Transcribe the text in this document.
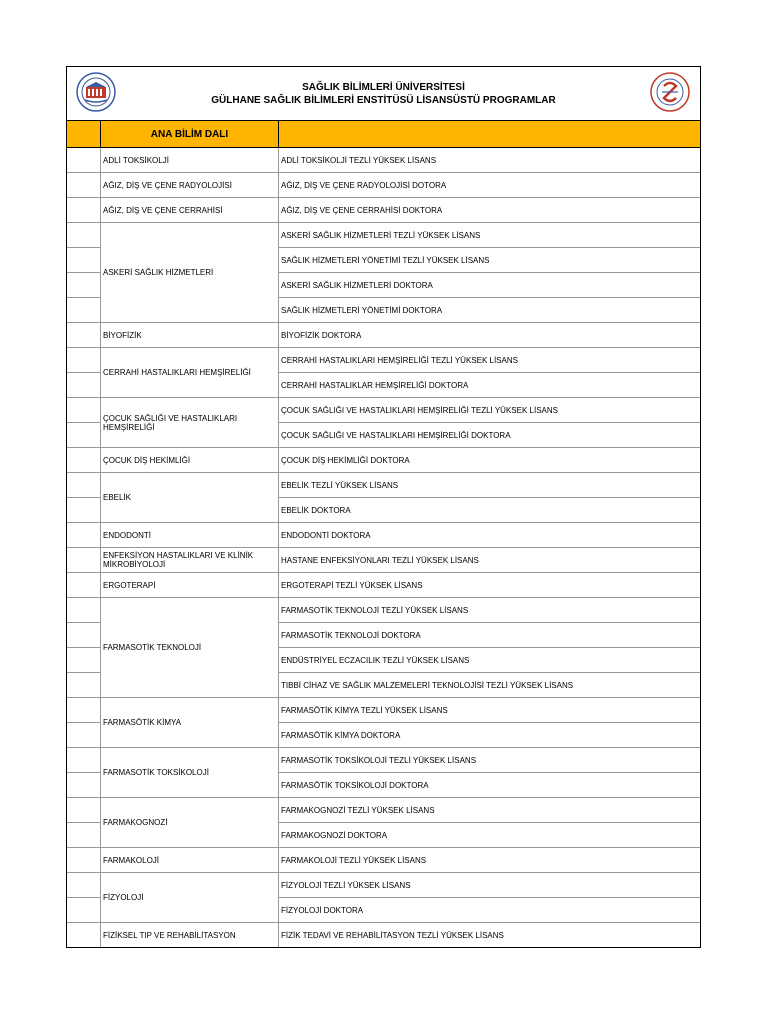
SAĞLIK BİLİMLERİ ÜNİVERSİTESİ
GÜLHANE SAĞLIK BİLİMLERİ ENSTİTÜSÜ LİSANSÜSTÜ PROGRAMLAR
	ANA BİLİM DALI	
	ADLİ TOKSİKOLJİ	ADLİ TOKSİKOLJİ TEZLİ YÜKSEK LİSANS
	AĞIZ, DİŞ VE ÇENE RADYOLOJİSİ	AĞIZ, DİŞ VE ÇENE RADYOLOJİSİ DOTORA
	AĞIZ, DİŞ VE ÇENE CERRAHİSİ	AĞIZ, DİŞ VE ÇENE CERRAHİSİ DOKTORA
	ASKERİ SAĞLIK HİZMETLERİ	ASKERİ SAĞLIK HİZMETLERİ TEZLİ YÜKSEK LİSANS
		SAĞLIK HİZMETLERİ YÖNETİMİ TEZLİ YÜKSEK LİSANS
		ASKERİ SAĞLIK HİZMETLERİ DOKTORA
		SAĞLIK HİZMETLERİ YÖNETİMİ DOKTORA
	BİYOFİZİK	BİYOFİZİK DOKTORA
	CERRAHİ HASTALIKLARI HEMŞİRELİĞİ	CERRAHİ HASTALIKLARI HEMŞİRELİĞİ TEZLİ YÜKSEK LİSANS
		CERRAHİ HASTALIKLAR HEMŞİRELİĞİ DOKTORA
	ÇOCUK SAĞLIĞI VE HASTALIKLARI HEMŞİRELİĞİ	ÇOCUK SAĞLIĞI VE HASTALIKLARI HEMŞİRELİĞİ TEZLİ YÜKSEK LİSANS
		ÇOCUK SAĞLIĞI VE HASTALIKLARI HEMŞİRELİĞİ DOKTORA
	ÇOCUK DİŞ HEKİMLİĞİ	ÇOCUK DİŞ HEKİMLİĞİ DOKTORA
	EBELİK	EBELİK TEZLİ YÜKSEK LİSANS
		EBELİK DOKTORA
	ENDODONTİ	ENDODONTİ DOKTORA
	ENFEKSİYON HASTALIKLARI VE KLİNİK MİKROBİYOLOJİ	HASTANE ENFEKSİYONLARI TEZLİ YÜKSEK LİSANS
	ERGOTERAPİ	ERGOTERAPİ TEZLİ YÜKSEK LİSANS
	FARMASOTİK TEKNOLOJİ	FARMASOTİK TEKNOLOJİ TEZLİ YÜKSEK LİSANS
		FARMASOTİK TEKNOLOJİ DOKTORA
		ENDÜSTRİYEL ECZACILIK TEZLİ YÜKSEK LİSANS
		TIBBİ CİHAZ VE SAĞLIK MALZEMELERİ TEKNOLOJİSİ TEZLİ YÜKSEK LİSANS
	FARMASÖTİK KİMYA	FARMASÖTİK KİMYA TEZLİ YÜKSEK LİSANS
		FARMASÖTİK KİMYA DOKTORA
	FARMASOTİK TOKSİKOLOJİ	FARMASOTİK TOKSİKOLOJİ TEZLİ YÜKSEK LİSANS
		FARMASÖTİK TOKSİKOLOJİ DOKTORA
	FARMAKOGNOZİ	FARMAKOGNOZİ TEZLİ YÜKSEK LİSANS
		FARMAKOGNOZİ DOKTORA
	FARMAKOLOJİ	FARMAKOLOJİ TEZLİ YÜKSEK LİSANS
	FİZYOLOJİ	FİZYOLOJİ TEZLİ YÜKSEK LİSANS
		FİZYOLOJİ DOKTORA
	FİZİKSEL TIP VE REHABİLİTASYON	FİZİK TEDAVİ VE REHABİLİTASYON TEZLİ YÜKSEK LİSANS
